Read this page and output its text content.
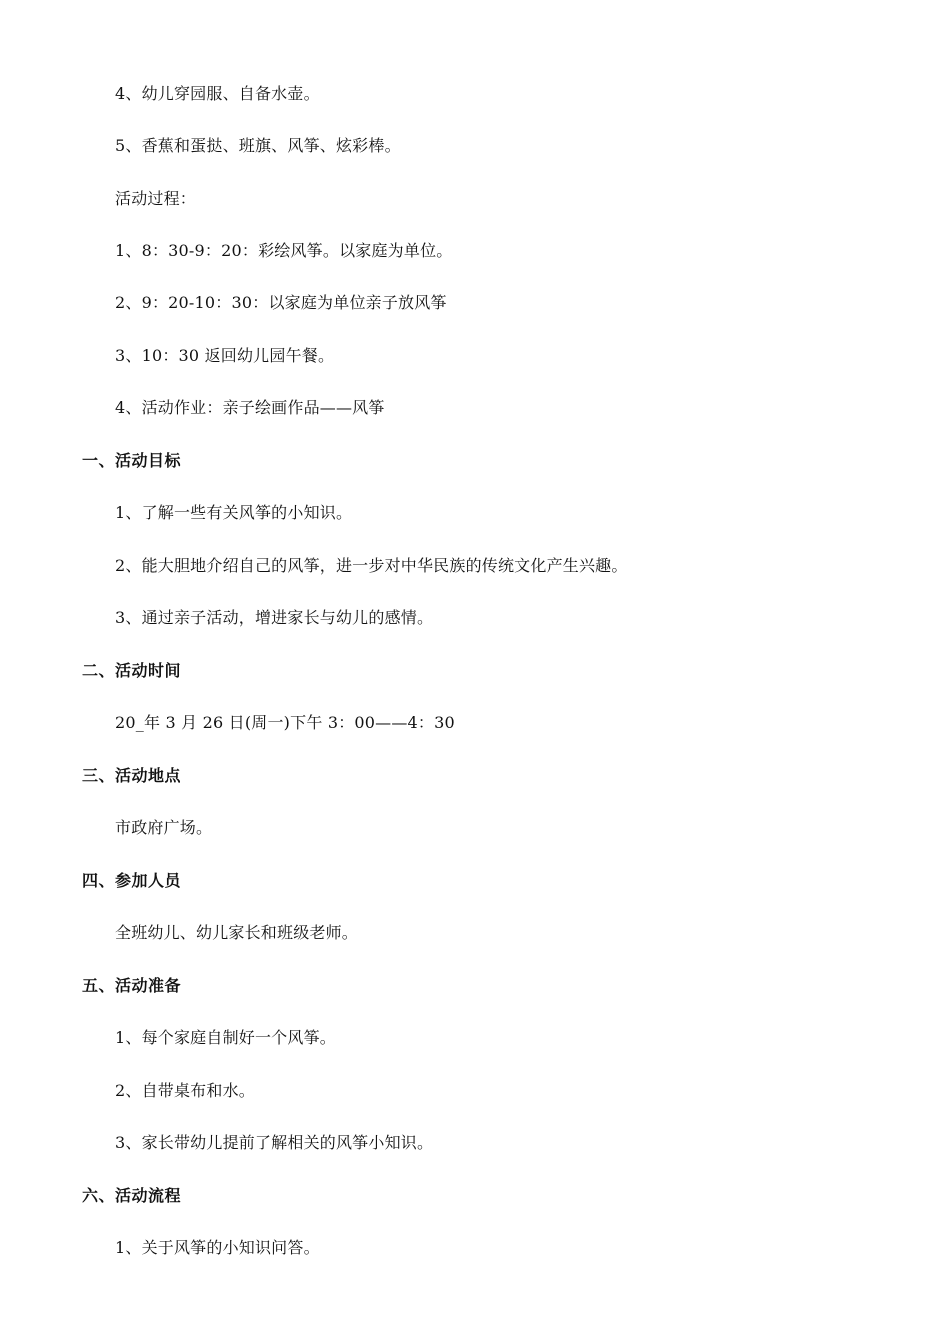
4、幼儿穿园服、自备水壶。
5、香蕉和蛋挞、班旗、风筝、炫彩棒。
活动过程：
1、8：30-9：20：彩绘风筝。以家庭为单位。
2、9：20-10：30：以家庭为单位亲子放风筝
3、10：30 返回幼儿园午餐。
4、活动作业：亲子绘画作品——风筝
一、活动目标
1、了解一些有关风筝的小知识。
2、能大胆地介绍自己的风筝，进一步对中华民族的传统文化产生兴趣。
3、通过亲子活动，增进家长与幼儿的感情。
二、活动时间
20_年 3 月 26 日(周一)下午 3：00——4：30
三、活动地点
市政府广场。
四、参加人员
全班幼儿、幼儿家长和班级老师。
五、活动准备
1、每个家庭自制好一个风筝。
2、自带桌布和水。
3、家长带幼儿提前了解相关的风筝小知识。
六、活动流程
1、关于风筝的小知识问答。
